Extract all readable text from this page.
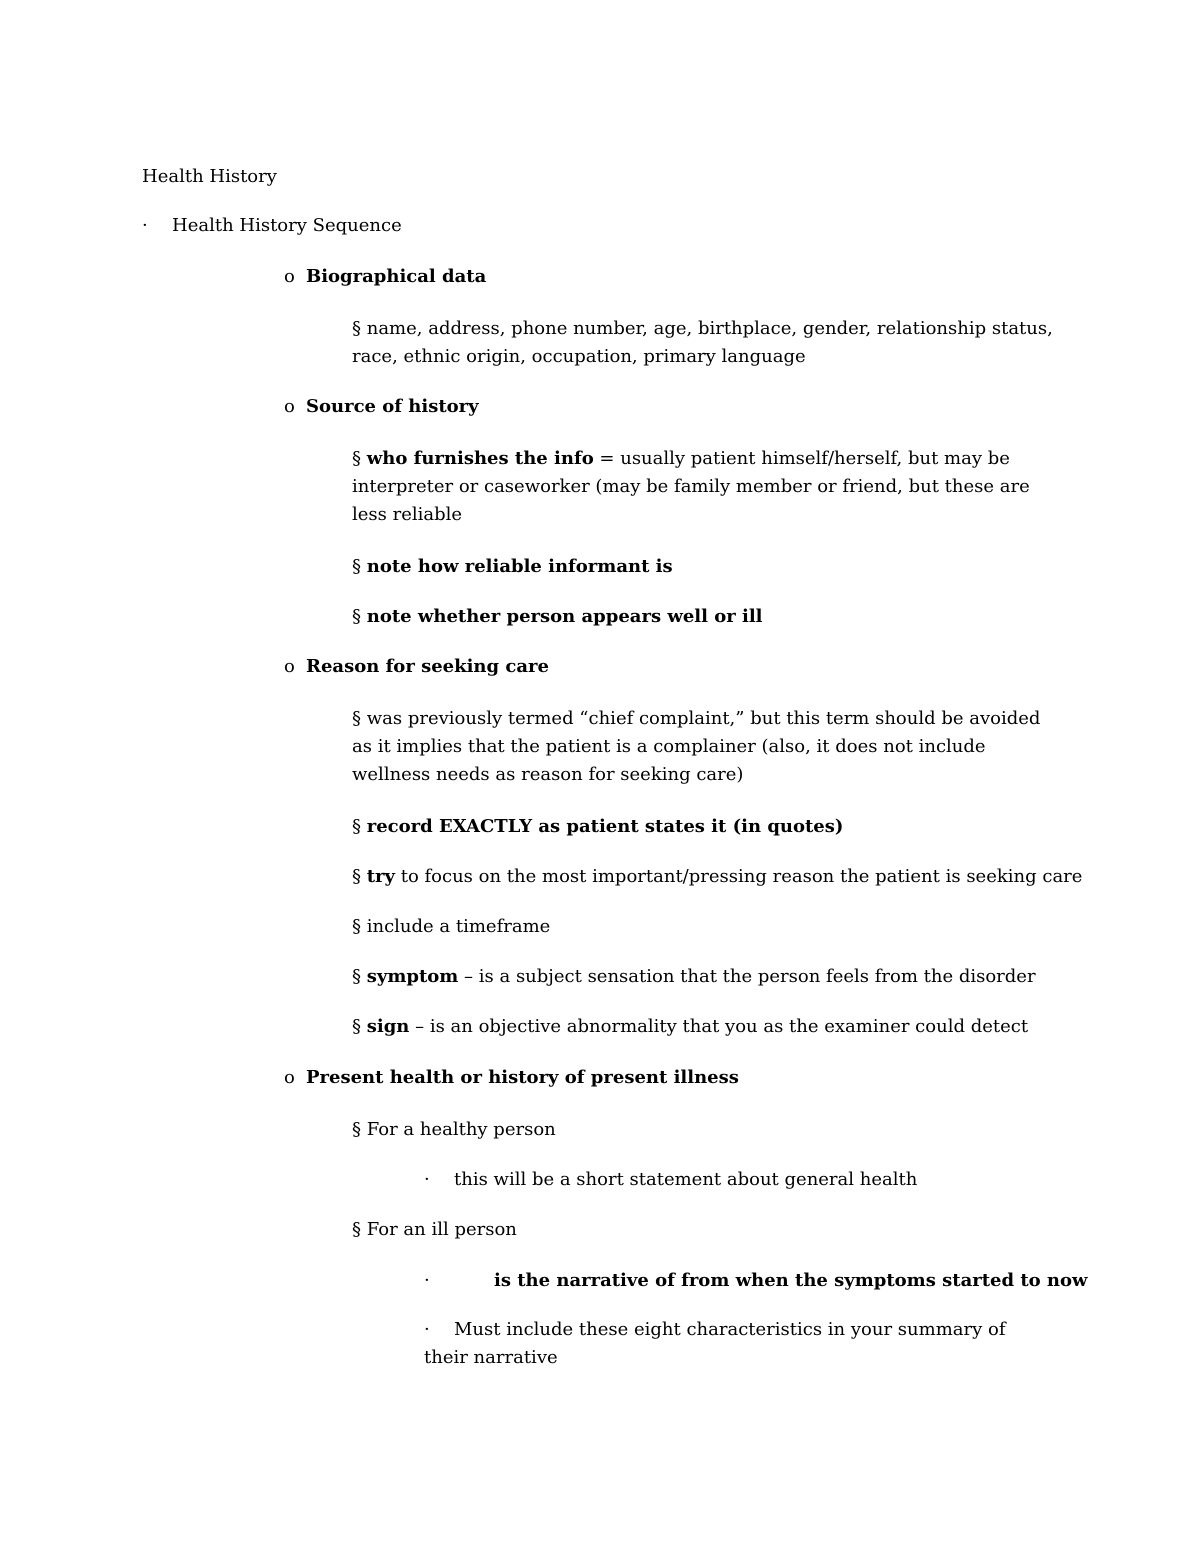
Health History
· Health History Sequence
o Biographical data
§ name, address, phone number, age, birthplace, gender, relationship status, race, ethnic origin, occupation, primary language
o Source of history
§ who furnishes the info = usually patient himself/herself, but may be interpreter or caseworker (may be family member or friend, but these are less reliable
§ note how reliable informant is
§ note whether person appears well or ill
o Reason for seeking care
§ was previously termed “chief complaint,” but this term should be avoided as it implies that the patient is a complainer (also, it does not include wellness needs as reason for seeking care)
§ record EXACTLY as patient states it (in quotes)
§ try to focus on the most important/pressing reason the patient is seeking care
§ include a timeframe
§ symptom – is a subject sensation that the person feels from the disorder
§ sign – is an objective abnormality that you as the examiner could detect
o Present health or history of present illness
§ For a healthy person
· this will be a short statement about general health
§ For an ill person
·	is the narrative of from when the symptoms started to now
·	Must include these eight characteristics in your summary of their narrative
